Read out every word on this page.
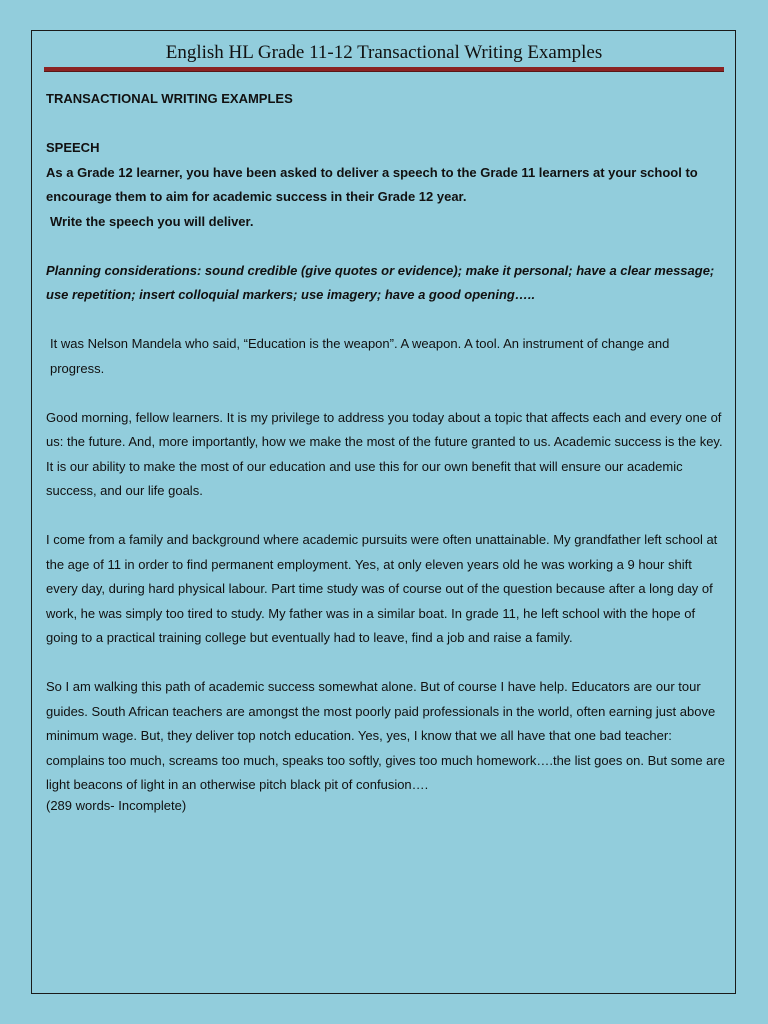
English HL Grade 11-12 Transactional Writing Examples

TRANSACTIONAL WRITING EXAMPLES

SPEECH

As a Grade 12 learner, you have been asked to deliver a speech to the Grade 11 learners at your school to encourage them to aim for academic success in their Grade 12 year.

Write the speech you will deliver.

Planning considerations: sound credible (give quotes or evidence); make it personal; have a clear message; use repetition; insert colloquial markers; use imagery; have a good opening…..

It was Nelson Mandela who said, “Education is the weapon”. A weapon. A tool. An instrument of change and progress.

Good morning, fellow learners. It is my privilege to address you today about a topic that affects each and every one of us: the future. And, more importantly, how we make the most of the future granted to us. Academic success is the key. It is our ability to make the most of our education and use this for our own benefit that will ensure our academic success, and our life goals.

I come from a family and background where academic pursuits were often unattainable. My grandfather left school at the age of 11 in order to find permanent employment. Yes, at only eleven years old he was working a 9 hour shift every day, during hard physical labour. Part time study was of course out of the question because after a long day of work, he was simply too tired to study. My father was in a similar boat. In grade 11, he left school with the hope of going to a practical training college but eventually had to leave, find a job and raise a family.

So I am walking this path of academic success somewhat alone. But of course I have help. Educators are our tour guides. South African teachers are amongst the most poorly paid professionals in the world, often earning just above minimum wage. But, they deliver top notch education. Yes, yes, I know that we all have that one bad teacher: complains too much, screams too much, speaks too softly, gives too much homework….the list goes on. But some are light beacons of light in an otherwise pitch black pit of confusion….

(289 words- Incomplete)
